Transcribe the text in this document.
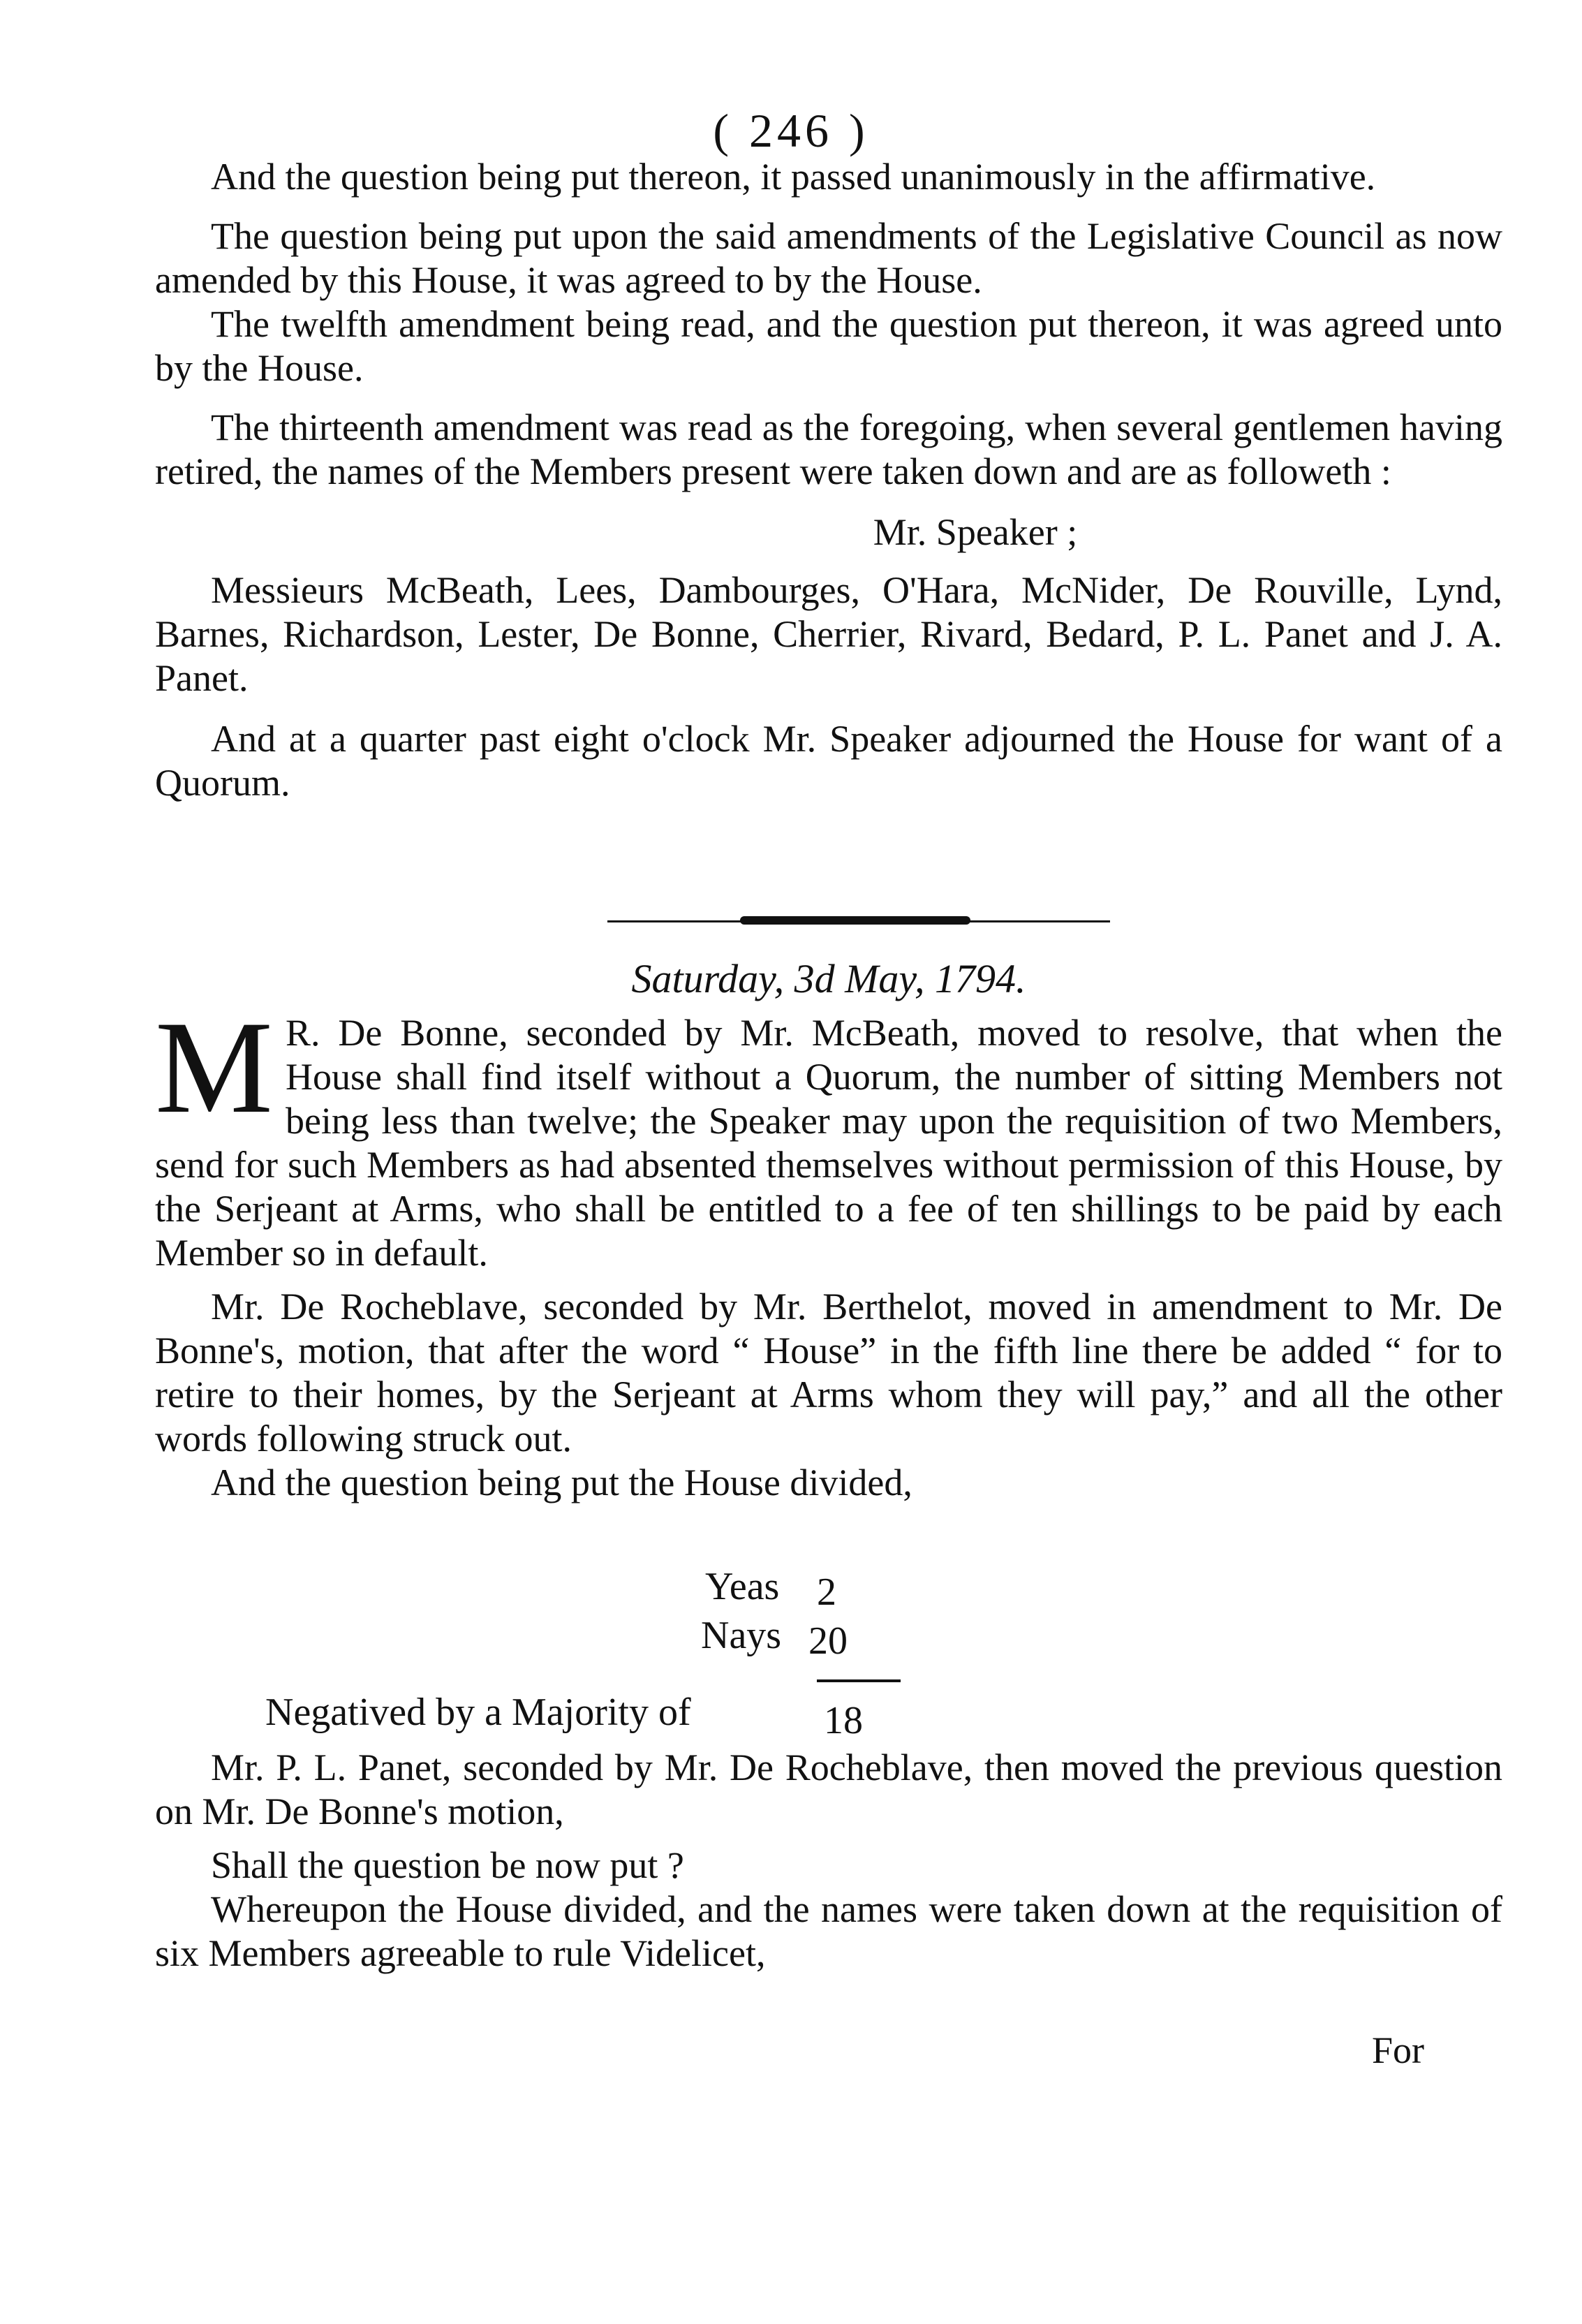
( 246 )

And the question being put thereon, it passed unanimously in the affirmative.

The question being put upon the said amendments of the Legislative Council as now amended by this House, it was agreed to by the House.

The twelfth amendment being read, and the question put thereon, it was agreed unto by the House.

The thirteenth amendment was read as the foregoing, when several gentlemen having retired, the names of the Members present were taken down and are as followeth :

Mr. Speaker ;

Messieurs McBeath, Lees, Dambourges, O'Hara, McNider, De Rouville, Lynd, Barnes, Richardson, Lester, De Bonne, Cherrier, Rivard, Bedard, P. L. Panet and J. A. Panet.

And at a quarter past eight o'clock Mr. Speaker adjourned the House for want of a Quorum.

Saturday, 3d May, 1794.

M R. De Bonne, seconded by Mr. McBeath, moved to resolve, that when the House shall find itself without a Quorum, the number of sitting Members not being less than twelve; the Speaker may upon the requisition of two Members, send for such Members as had absented themselves without permission of this House, by the Serjeant at Arms, who shall be entitled to a fee of ten shillings to be paid by each Member so in default.

Mr. De Rocheblave, seconded by Mr. Berthelot, moved in amendment to Mr. De Bonne's, motion, that after the word “ House” in the fifth line there be added “ for to retire to their homes, by the Serjeant at Arms whom they will pay,” and all the other words following struck out.

And the question being put the House divided,

Yeas 2
Nays 20
Negatived by a Majority of	18

Mr. P. L. Panet, seconded by Mr. De Rocheblave, then moved the previous question on Mr. De Bonne's motion,

Shall the question be now put ?

Whereupon the House divided, and the names were taken down at the requisition of six Members agreeable to rule Videlicet,

For
